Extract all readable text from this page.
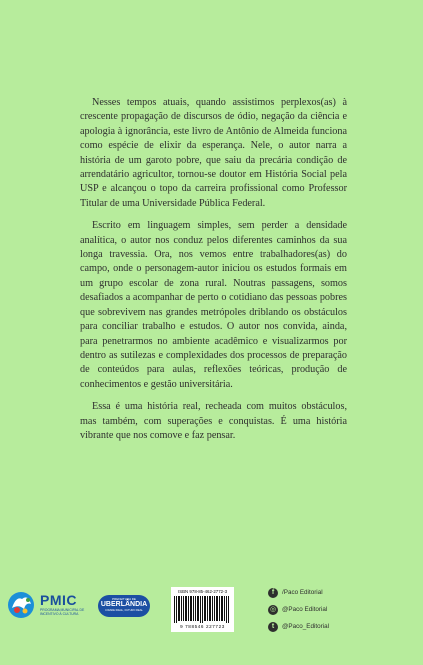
Nesses tempos atuais, quando assistimos perplexos(as) à crescente propagação de discursos de ódio, negação da ciência e apologia à ignorância, este livro de Antônio de Almeida funciona como espécie de elixir da esperança. Nele, o autor narra a história de um garoto pobre, que saiu da precária condição de arrendatário agricultor, tornou-se doutor em História Social pela USP e alcançou o topo da carreira profissional como Professor Titular de uma Universidade Pública Federal.

Escrito em linguagem simples, sem perder a densidade analítica, o autor nos conduz pelos diferentes caminhos da sua longa travessia. Ora, nos vemos entre trabalhadores(as) do campo, onde o personagem-autor iniciou os estudos formais em um grupo escolar de zona rural. Noutras passagens, somos desafiados a acompanhar de perto o cotidiano das pessoas pobres que sobrevivem nas grandes metrópoles driblando os obstáculos para conciliar trabalho e estudos. O autor nos convida, ainda, para penetrarmos no ambiente acadêmico e visualizarmos por dentro as sutilezas e complexidades dos processos de preparação de conteúdos para aulas, reflexões teóricas, produção de conhecimentos e gestão universitária.

Essa é uma história real, recheada com muitos obstáculos, mas também, com superações e conquistas. É uma história vibrante que nos comove e faz pensar.

PMIC
PROGRAMA MUNICIPAL DE INCENTIVO À CULTURA
PREFEITURA DE
UBERLÂNDIA
CIDADE IDEAL, FUTURO REAL
ISBN 978-85-462-2772-3
9 788546 227723
f	/Paco Editorial
◎ @Paco Editorial
t	@Paco_Editorial
